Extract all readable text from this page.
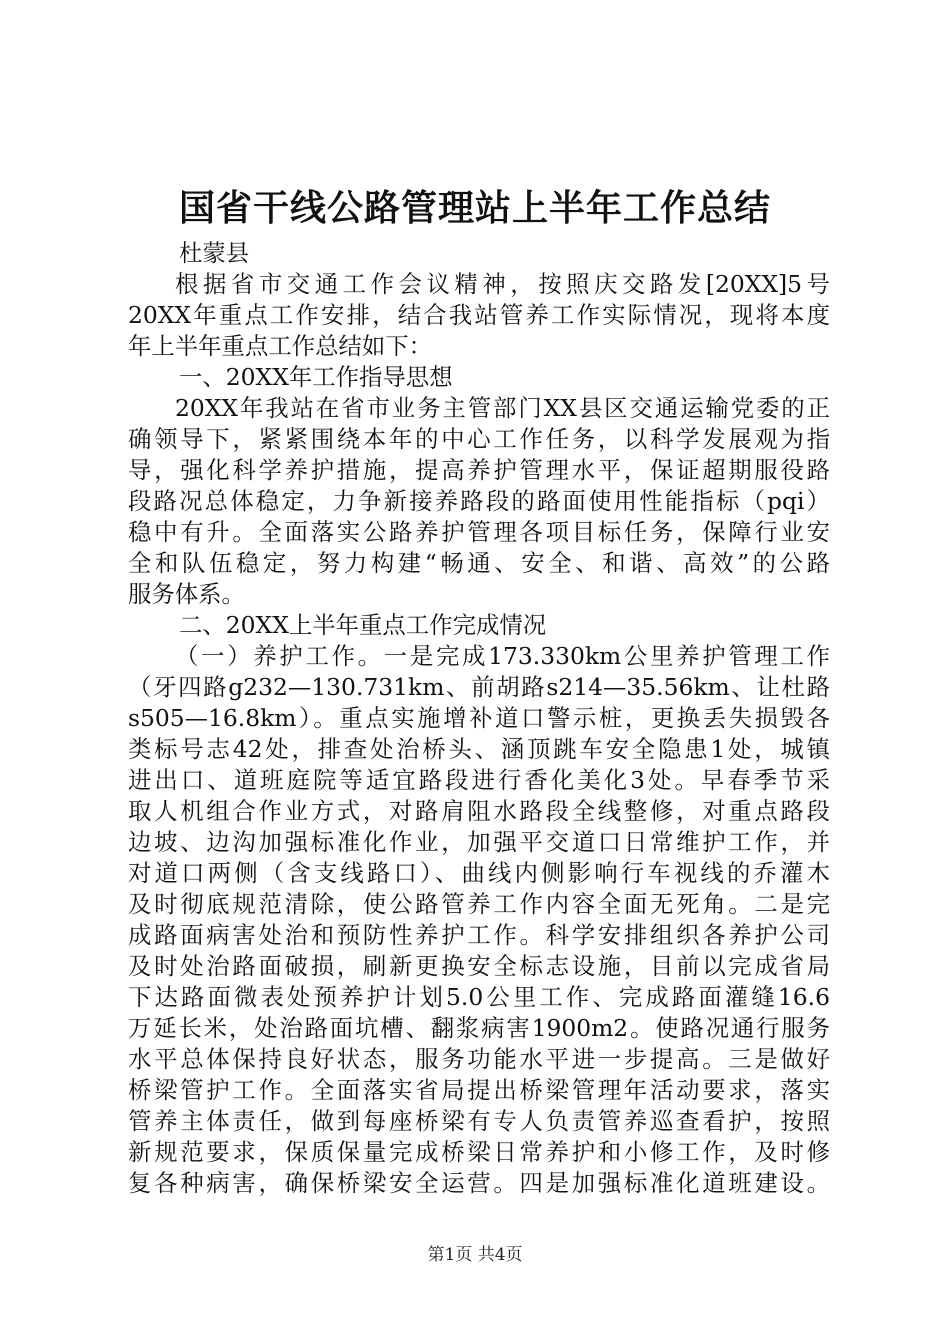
国省干线公路管理站上半年工作总结
杜蒙县
根据省市交通工作会议精神，按照庆交路发[20XX]5号
20XX年重点工作安排，结合我站管养工作实际情况，现将本度
年上半年重点工作总结如下：
一、20XX年工作指导思想
20XX年我站在省市业务主管部门XX县区交通运输党委的正
确领导下，紧紧围绕本年的中心工作任务，以科学发展观为指
导，强化科学养护措施，提高养护管理水平，保证超期服役路
段路况总体稳定，力争新接养路段的路面使用性能指标（pqi）
稳中有升。全面落实公路养护管理各项目标任务，保障行业安
全和队伍稳定，努力构建“畅通、安全、和谐、高效”的公路
服务体系。
二、20XX上半年重点工作完成情况
（一）养护工作。一是完成173.330km公里养护管理工作
（牙四路g232—130.731km、前胡路s214—35.56km、让杜路
s505—16.8km）。重点实施增补道口警示桩，更换丢失损毁各
类标号志42处，排查处治桥头、涵顶跳车安全隐患1处，城镇
进出口、道班庭院等适宜路段进行香化美化3处。早春季节采
取人机组合作业方式，对路肩阻水路段全线整修，对重点路段
边坡、边沟加强标准化作业，加强平交道口日常维护工作，并
对道口两侧（含支线路口）、曲线内侧影响行车视线的乔灌木
及时彻底规范清除，使公路管养工作内容全面无死角。二是完
成路面病害处治和预防性养护工作。科学安排组织各养护公司
及时处治路面破损，刷新更换安全标志设施，目前以完成省局
下达路面微表处预养护计划5.0公里工作、完成路面灌缝16.6
万延长米，处治路面坑槽、翻浆病害1900m2。使路况通行服务
水平总体保持良好状态，服务功能水平进一步提高。三是做好
桥梁管护工作。全面落实省局提出桥梁管理年活动要求，落实
管养主体责任，做到每座桥梁有专人负责管养巡查看护，按照
新规范要求，保质保量完成桥梁日常养护和小修工作，及时修
复各种病害，确保桥梁安全运营。四是加强标准化道班建设。
第1页 共4页
